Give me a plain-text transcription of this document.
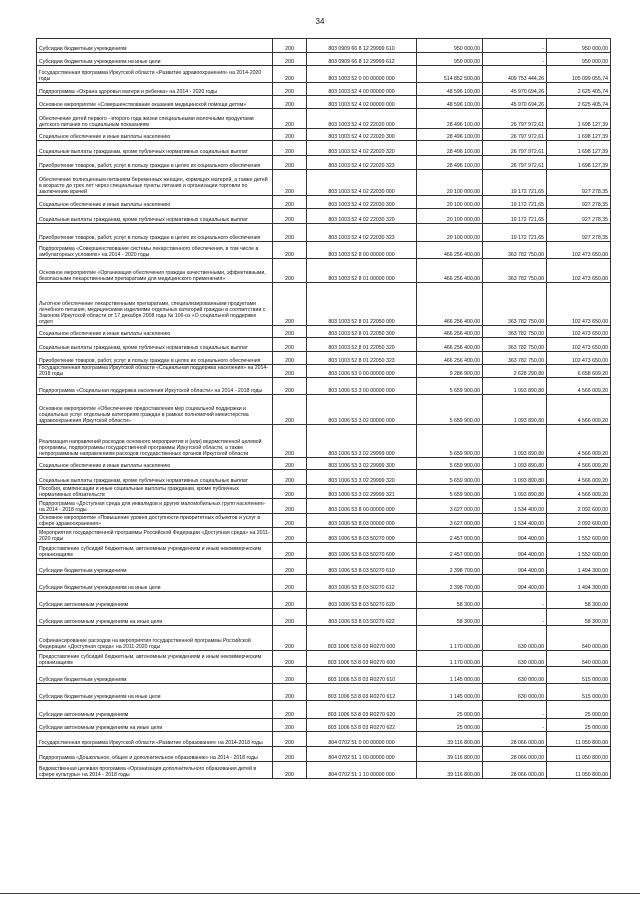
34
Субсидии бюджетным учреждениям	200	803 0909 66 8 12 29999 610	950 000,00	-	950 000,00
Субсидии бюджетным учреждениям на иные цели	200	803 0909 66 8 12 29999 612	950 000,00	-	950 000,00
Государственная программа Иркутской области «Развитие здравоохранения» на 2014-2020 годы	200	803 1003 52 0 00 00000 000	514 852 500,00	409 753 444,26	105 099 055,74
Подпрограмма «Охрана здоровья матери и ребенка» на 2014 - 2020 годы	200	803 1003 52 4 00 00000 000	48 596 100,00	45 970 694,26	2 625 405,74
Основное мероприятие «Совершенствование оказания медицинской помощи детям»	200	803 1003 52 4 02 00000 000	48 596 100,00	45 970 694,26	2 625 405,74
Обеспечение детей первого - второго года жизни специальными молочными продуктами детского питания по социальным показаниям	200	803 1003 52 4 02 22020 000	28 496 100,00	26 797 972,61	1 698 127,39
Социальное обеспечение и иные выплаты населению	200	803 1003 52 4 02 22020 300	28 496 100,00	26 797 972,61	1 698 127,39
Социальные выплаты гражданам, кроме публичных нормативных социальных выплат	200	803 1003 52 4 02 22020 320	28 496 100,00	26 797 972,61	1 698 127,39
Приобретение товаров, работ, услуг в пользу граждан в целях их социального обеспечения	200	803 1003 52 4 02 22020 323	28 496 100,00	26 797 972,61	1 698 127,39
Обеспечение полноценным питанием беременных женщин, кормящих матерей, а также детей в возрасте до трех лет через специальные пункты питания и организации торговли по заключению врачей	200	803 1003 52 4 02 22030 000	20 100 000,00	19 172 721,65	927 278,35
Социальное обеспечение и иные выплаты населению	200	803 1003 52 4 02 22030 300	20 100 000,00	19 172 721,65	927 278,35
Социальные выплаты гражданам, кроме публичных нормативных социальных выплат	200	803 1003 52 4 02 22030 320	20 100 000,00	19 172 721,65	927 278,35
Приобретение товаров, работ, услуг в пользу граждан в целях их социального обеспечения	200	803 1003 52 4 02 22030 323	20 100 000,00	19 172 721,65	927 278,35
Подпрограмма «Совершенствование системы лекарственного обеспечения, в том числе в амбулаторных условиях» на 2014 - 2020 годы	200	803 1003 52 8 00 00000 000	466 256 400,00	363 782 750,00	102 473 650,00
Основное мероприятие «Организация обеспечения граждан качественными, эффективными, безопасными лекарственными препаратами для медицинского применения»	200	803 1003 52 8 01 00000 000	466 256 400,00	363 782 750,00	102 473 650,00
Льготное обеспечение лекарственными препаратами, специализированными продуктами лечебного питания, медицинскими изделиями отдельных категорий граждан в соответствии с Законом Иркутской области от 17 декабря 2008 года № 106-оз «О социальной поддержке отдел	200	803 1003 52 8 01 22050 000	466 256 400,00	363 782 750,00	102 473 650,00
Социальное обеспечение и иные выплаты населению	200	803 1003 52 8 01 22050 300	466 256 400,00	363 782 750,00	102 473 650,00
Социальные выплаты гражданам, кроме публичных нормативных социальных выплат	200	803 1003 52 8 01 22050 320	466 256 400,00	363 782 750,00	102 473 650,00
Приобретение товаров, работ, услуг в пользу граждан в целях их социального обеспечения	200	803 1003 52 8 01 22050 323	466 256 400,00	363 782 750,00	102 473 650,00
Государственная программа Иркутской области «Социальная поддержка населения» на 2014-2018 годы	200	803 1006 53 0 00 00000 000	9 286 900,00	2 628 290,80	6 658 609,20
Подпрограмма «Социальная поддержка населения Иркутской области» на 2014 - 2018 годы	200	803 1006 53 3 00 00000 000	5 659 900,00	1 093 890,80	4 566 009,20
Основное мероприятие «Обеспечение предоставления мер социальной поддержки и социальных услуг отдельным категориям граждан в рамках полномочий министерства здравоохранения Иркутской области»	200	803 1006 53 3 02 00000 000	5 659 900,00	1 093 890,80	4 566 009,20
Реализация направлений расходов основного мероприятия и (или) ведомственной целевой программы, подпрограммы государственной программы Иркутской области, а также непрограммным направлениям расходов государственных органов Иркутской области	200	803 1006 53 3 02 29999 000	5 659 900,00	1 093 890,80	4 566 009,20
Социальное обеспечение и иные выплаты населению	200	803 1006 53 3 02 29999 300	5 659 900,00	1 093 890,80	4 566 009,20
Социальные выплаты гражданам, кроме публичных нормативных социальных выплат	200	803 1006 53 3 02 29999 320	5 659 900,00	1 093 890,80	4 566 009,20
Пособия, компенсации и иные социальные выплаты гражданам, кроме публичных нормативных обязательств	200	803 1006 53 3 02 29999 321	5 659 900,00	1 093 890,80	4 566 009,20
Подпрограмма «Доступная среда для инвалидов и других маломобильных групп населения» на 2014 - 2018 годы	200	803 1006 53 8 00 00000 000	3 627 000,00	1 534 400,00	2 092 600,00
Основное мероприятие «Повышение уровня доступности приоритетных объектов и услуг в сфере здравоохранения»	200	803 1006 53 8 03 00000 000	3 627 000,00	1 534 400,00	2 092 600,00
Мероприятия государственной программы Российской Федерации «Доступная среда» на 2011-2020 годы	200	803 1006 53 8 03 50270 000	2 457 000,00	904 400,00	1 552 600,00
Предоставление субсидий бюджетным, автономным учреждениям и иным некоммерческим организациям	200	803 1006 53 8 03 50270 600	2 457 000,00	904 400,00	1 552 600,00
Субсидии бюджетным учреждениям	200	803 1006 53 8 03 50270 610	2 398 700,00	904 400,00	1 494 300,00
Субсидии бюджетным учреждениям на иные цели	200	803 1006 53 8 03 50270 612	2 398 700,00	904 400,00	1 494 300,00
Субсидии автономным учреждениям	200	803 1006 53 8 03 50270 620	58 300,00	-	58 300,00
Субсидии автономным учреждениям на иные цели	200	803 1006 53 8 03 50270 622	58 300,00	-	58 300,00
Софинансирование расходов на мероприятия государственной программы Российской Федерации «Доступная среда» на 2011-2020 годы	200	803 1006 53 8 03 R0270 000	1 170 000,00	630 000,00	540 000,00
Предоставление субсидий бюджетным, автономным учреждениям и иным некоммерческим организациям	200	803 1006 53 8 03 R0270 600	1 170 000,00	630 000,00	540 000,00
Субсидии бюджетным учреждениям	200	803 1006 53 8 03 R0270 610	1 145 000,00	630 000,00	515 000,00
Субсидии бюджетным учреждениям на иные цели	200	803 1006 53 8 03 R0270 612	1 145 000,00	630 000,00	515 000,00
Субсидии автономным учреждениям	200	803 1006 53 8 03 R0270 620	25 000,00	-	25 000,00
Субсидии автономным учреждениям на иные цели	200	803 1006 53 8 03 R0270 622	25 000,00	-	25 000,00
Государственная программа Иркутской области «Развитие образования» на 2014-2018 годы	200	804 0702 51 0 00 00000 000	39 116 800,00	28 066 000,00	11 050 800,00
Подпрограмма «Дошкольное, общее и дополнительное образование» на 2014 - 2018 годы	200	804 0702 51 1 00 00000 000	39 116 800,00	28 066 000,00	11 050 800,00
Ведомственная целевая программа «Организация дополнительного образования детей в сфере культуры» на 2014 - 2018 годы	200	804 0702 51 1 10 00000 000	39 116 800,00	28 066 000,00	11 050 800,00
